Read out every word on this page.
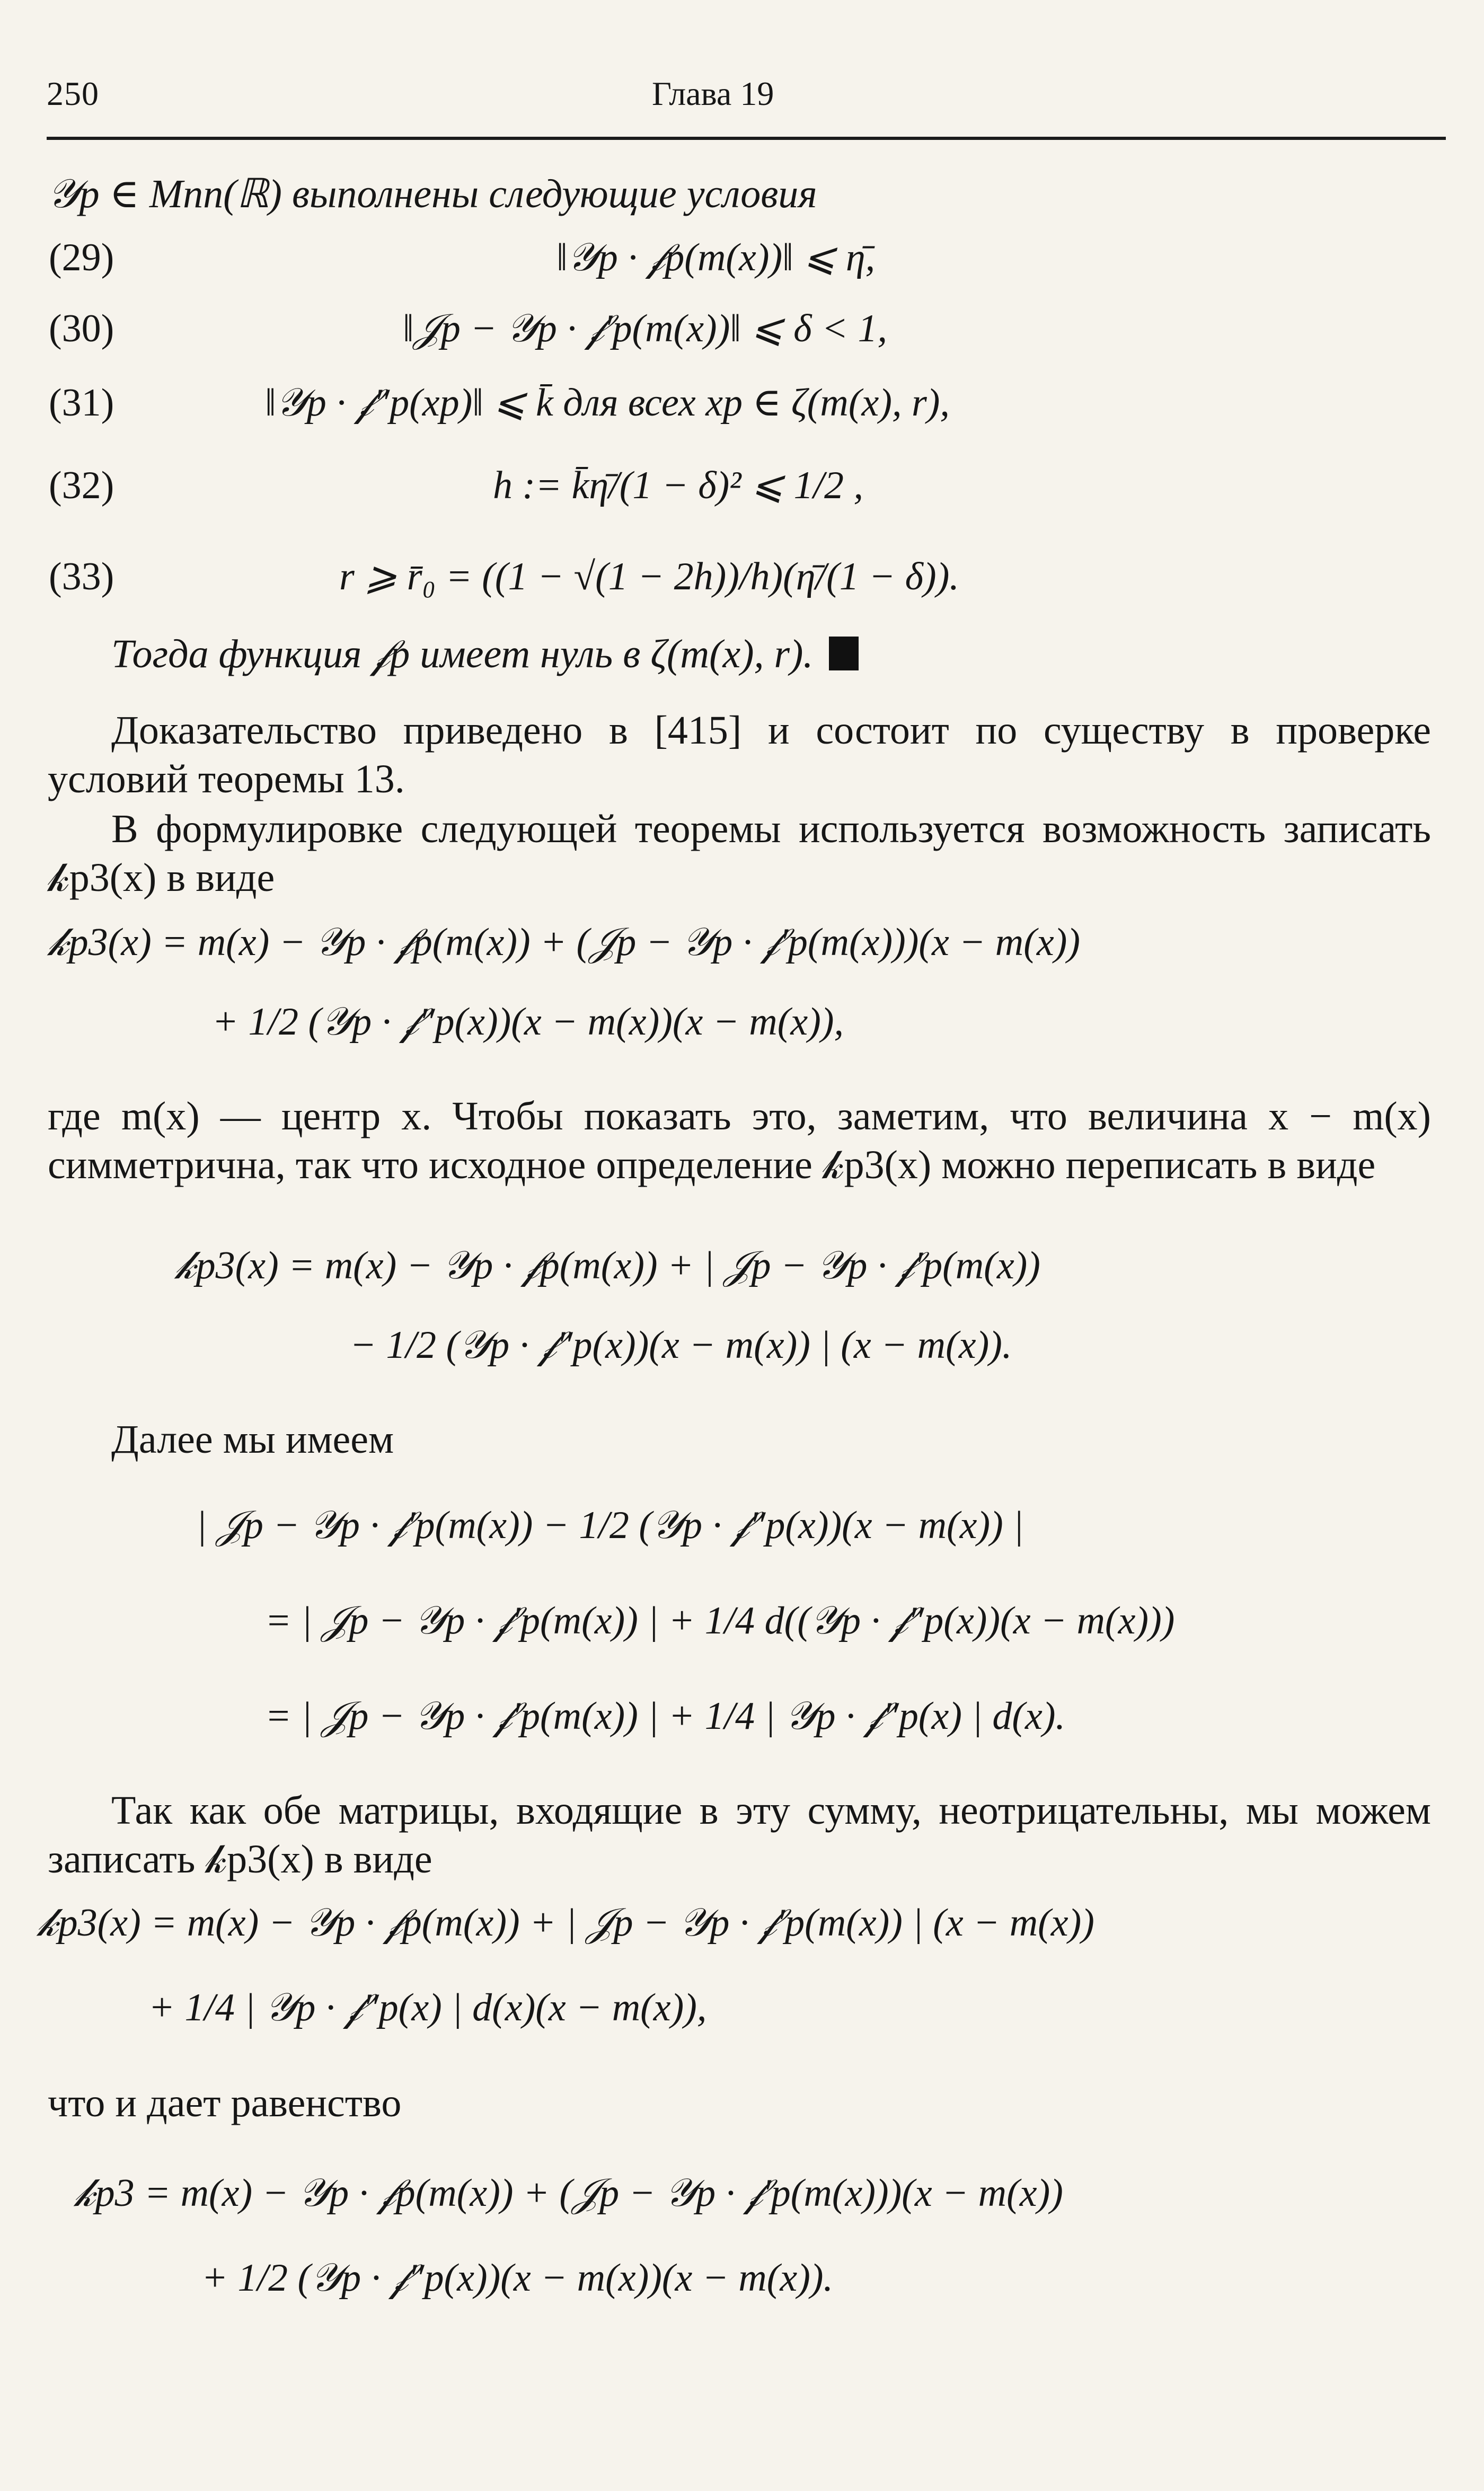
250	Глава 19
𝒴р ∈ Mnn(ℝ) выполнены следующие условия
(29)	‖𝒴р · 𝒻р(m(x))‖ ⩽ η̄,
(30)	‖𝒥р − 𝒴р · 𝒻′р(m(x))‖ ⩽ δ < 1,
(31)	‖𝒴р · 𝒻″р(xр)‖ ⩽ k̄ для всех xр ∈ ζ(m(x), r),
(32)	h := k̄η̄/(1 − δ)² ⩽ 1/2 ,
(33)	r ⩾ r̄₀ = ((1 − √(1 − 2h))/h)(η̄/(1 − δ)).
Тогда функция 𝒻р имеет нуль в ζ(m(x), r).
Доказательство приведено в [415] и состоит по существу в проверке условий теоремы 13.
В формулировке следующей теоремы используется возможность записать 𝓀р3(x) в виде
𝓀р3(x) = m(x) − 𝒴р · 𝒻р(m(x)) + (𝒥р − 𝒴р · 𝒻′р(m(x)))(x − m(x))
+ 1/2 (𝒴р · 𝒻″р(x))(x − m(x))(x − m(x)),
где m(x) — центр x. Чтобы показать это, заметим, что величина x − m(x) симметрична, так что исходное определение 𝓀р3(x) можно переписать в виде
𝓀р3(x) = m(x) − 𝒴р · 𝒻р(m(x)) + | 𝒥р − 𝒴р · 𝒻′р(m(x))
− 1/2 (𝒴р · 𝒻″р(x))(x − m(x)) | (x − m(x)).
Далее мы имеем
| 𝒥р − 𝒴р · 𝒻′р(m(x)) − 1/2 (𝒴р · 𝒻″р(x))(x − m(x)) |
= | 𝒥р − 𝒴р · 𝒻′р(m(x)) | + 1/4 d((𝒴р · 𝒻″р(x))(x − m(x)))
= | 𝒥р − 𝒴р · 𝒻′р(m(x)) | + 1/4 | 𝒴р · 𝒻″р(x) | d(x).
Так как обе матрицы, входящие в эту сумму, неотрицательны, мы можем записать 𝓀р3(x) в виде
𝓀р3(x) = m(x) − 𝒴р · 𝒻р(m(x)) + | 𝒥р − 𝒴р · 𝒻′р(m(x)) | (x − m(x))
+ 1/4 | 𝒴р · 𝒻″р(x) | d(x)(x − m(x)),
что и дает равенство
𝓀р3 = m(x) − 𝒴р · 𝒻р(m(x)) + (𝒥р − 𝒴р · 𝒻′р(m(x)))(x − m(x))
+ 1/2 (𝒴р · 𝒻″р(x))(x − m(x))(x − m(x)).
